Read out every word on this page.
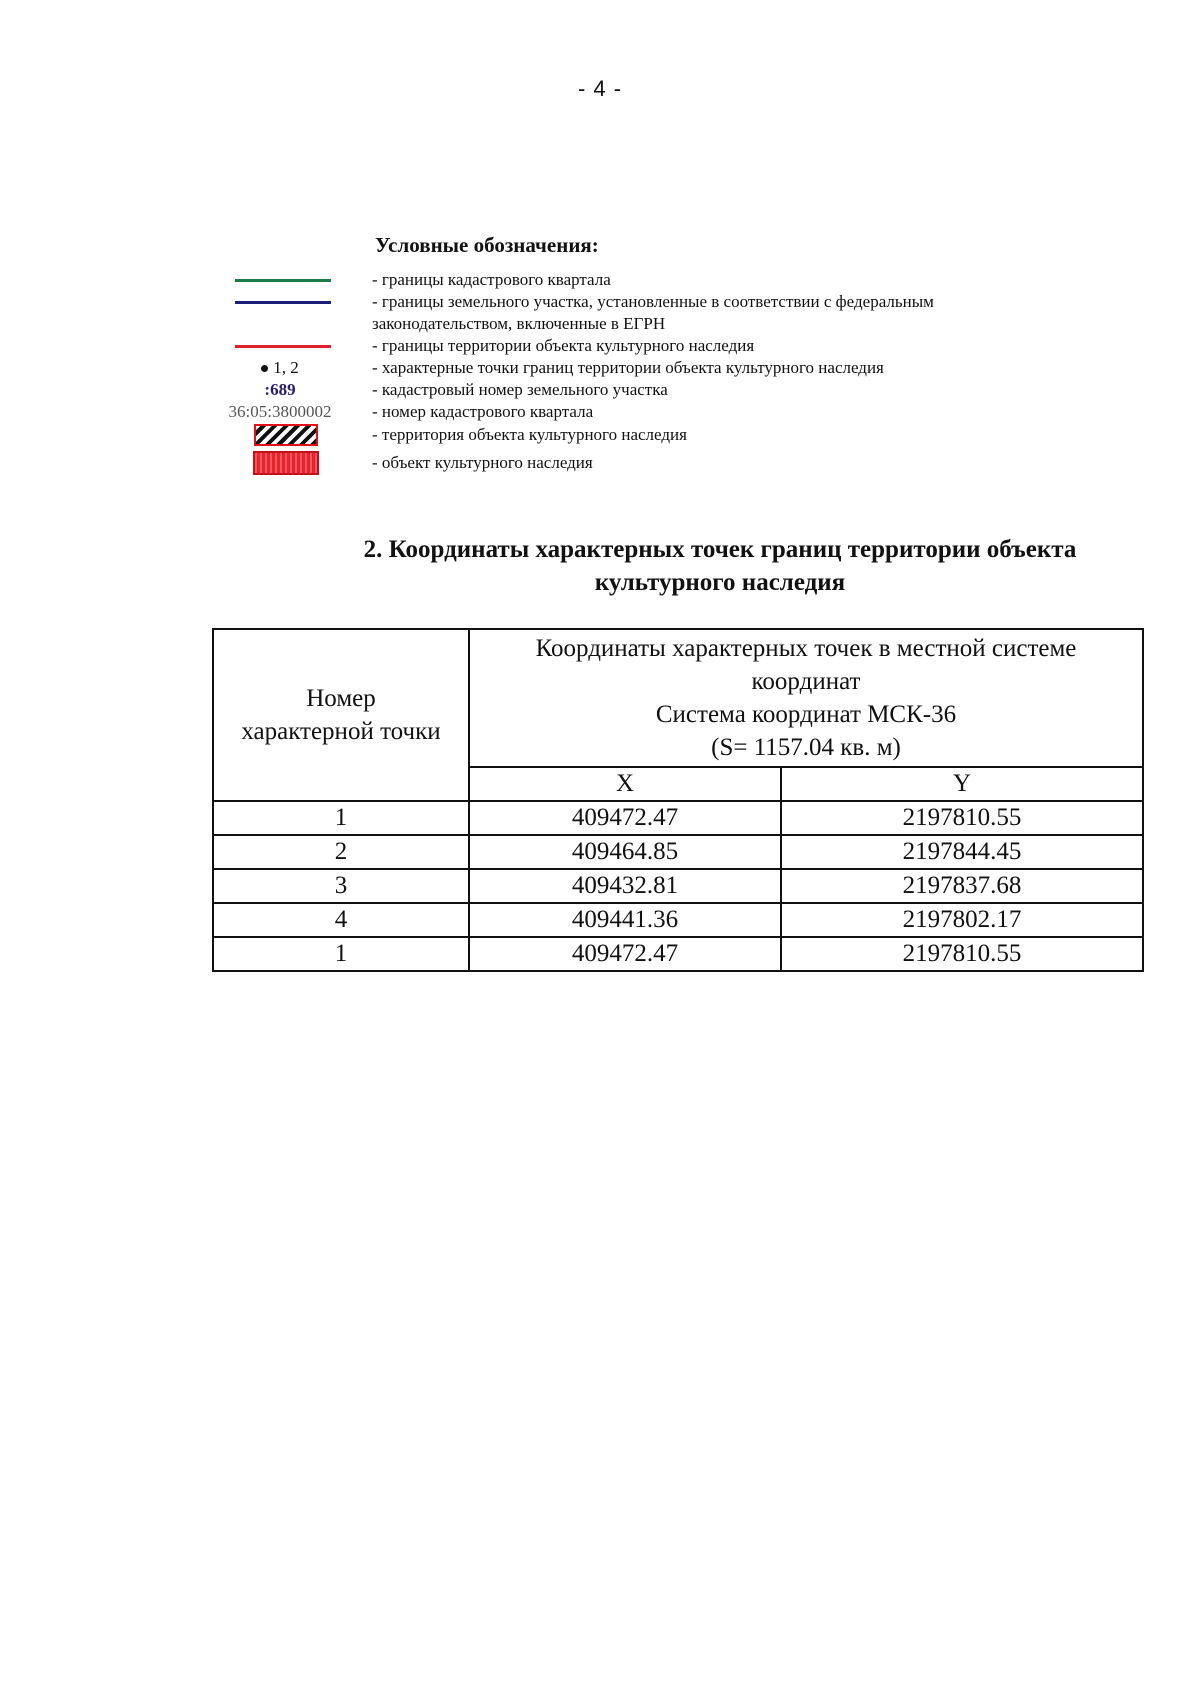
- 4 -
Условные обозначения:
- границы кадастрового квартала
- границы земельного участка, установленные в соответствии с федеральным законодательством, включенные в ЕГРН
- границы территории объекта культурного наследия
1, 2	- характерные точки границ территории объекта культурного наследия
:689	- кадастровый номер земельного участка
36:05:3800002 - номер кадастрового квартала
- территория объекта культурного наследия
- объект культурного наследия
2. Координаты характерных точек границ территории объекта
культурного наследия
Номер
характерной точки	Координаты характерных точек в местной системе
координат
Система координат МСК-36
(S= 1157.04 кв. м)	

	X	Y
1	409472.47	2197810.55
2	409464.85	2197844.45
3	409432.81	2197837.68
4	409441.36	2197802.17
1	409472.47	2197810.55
